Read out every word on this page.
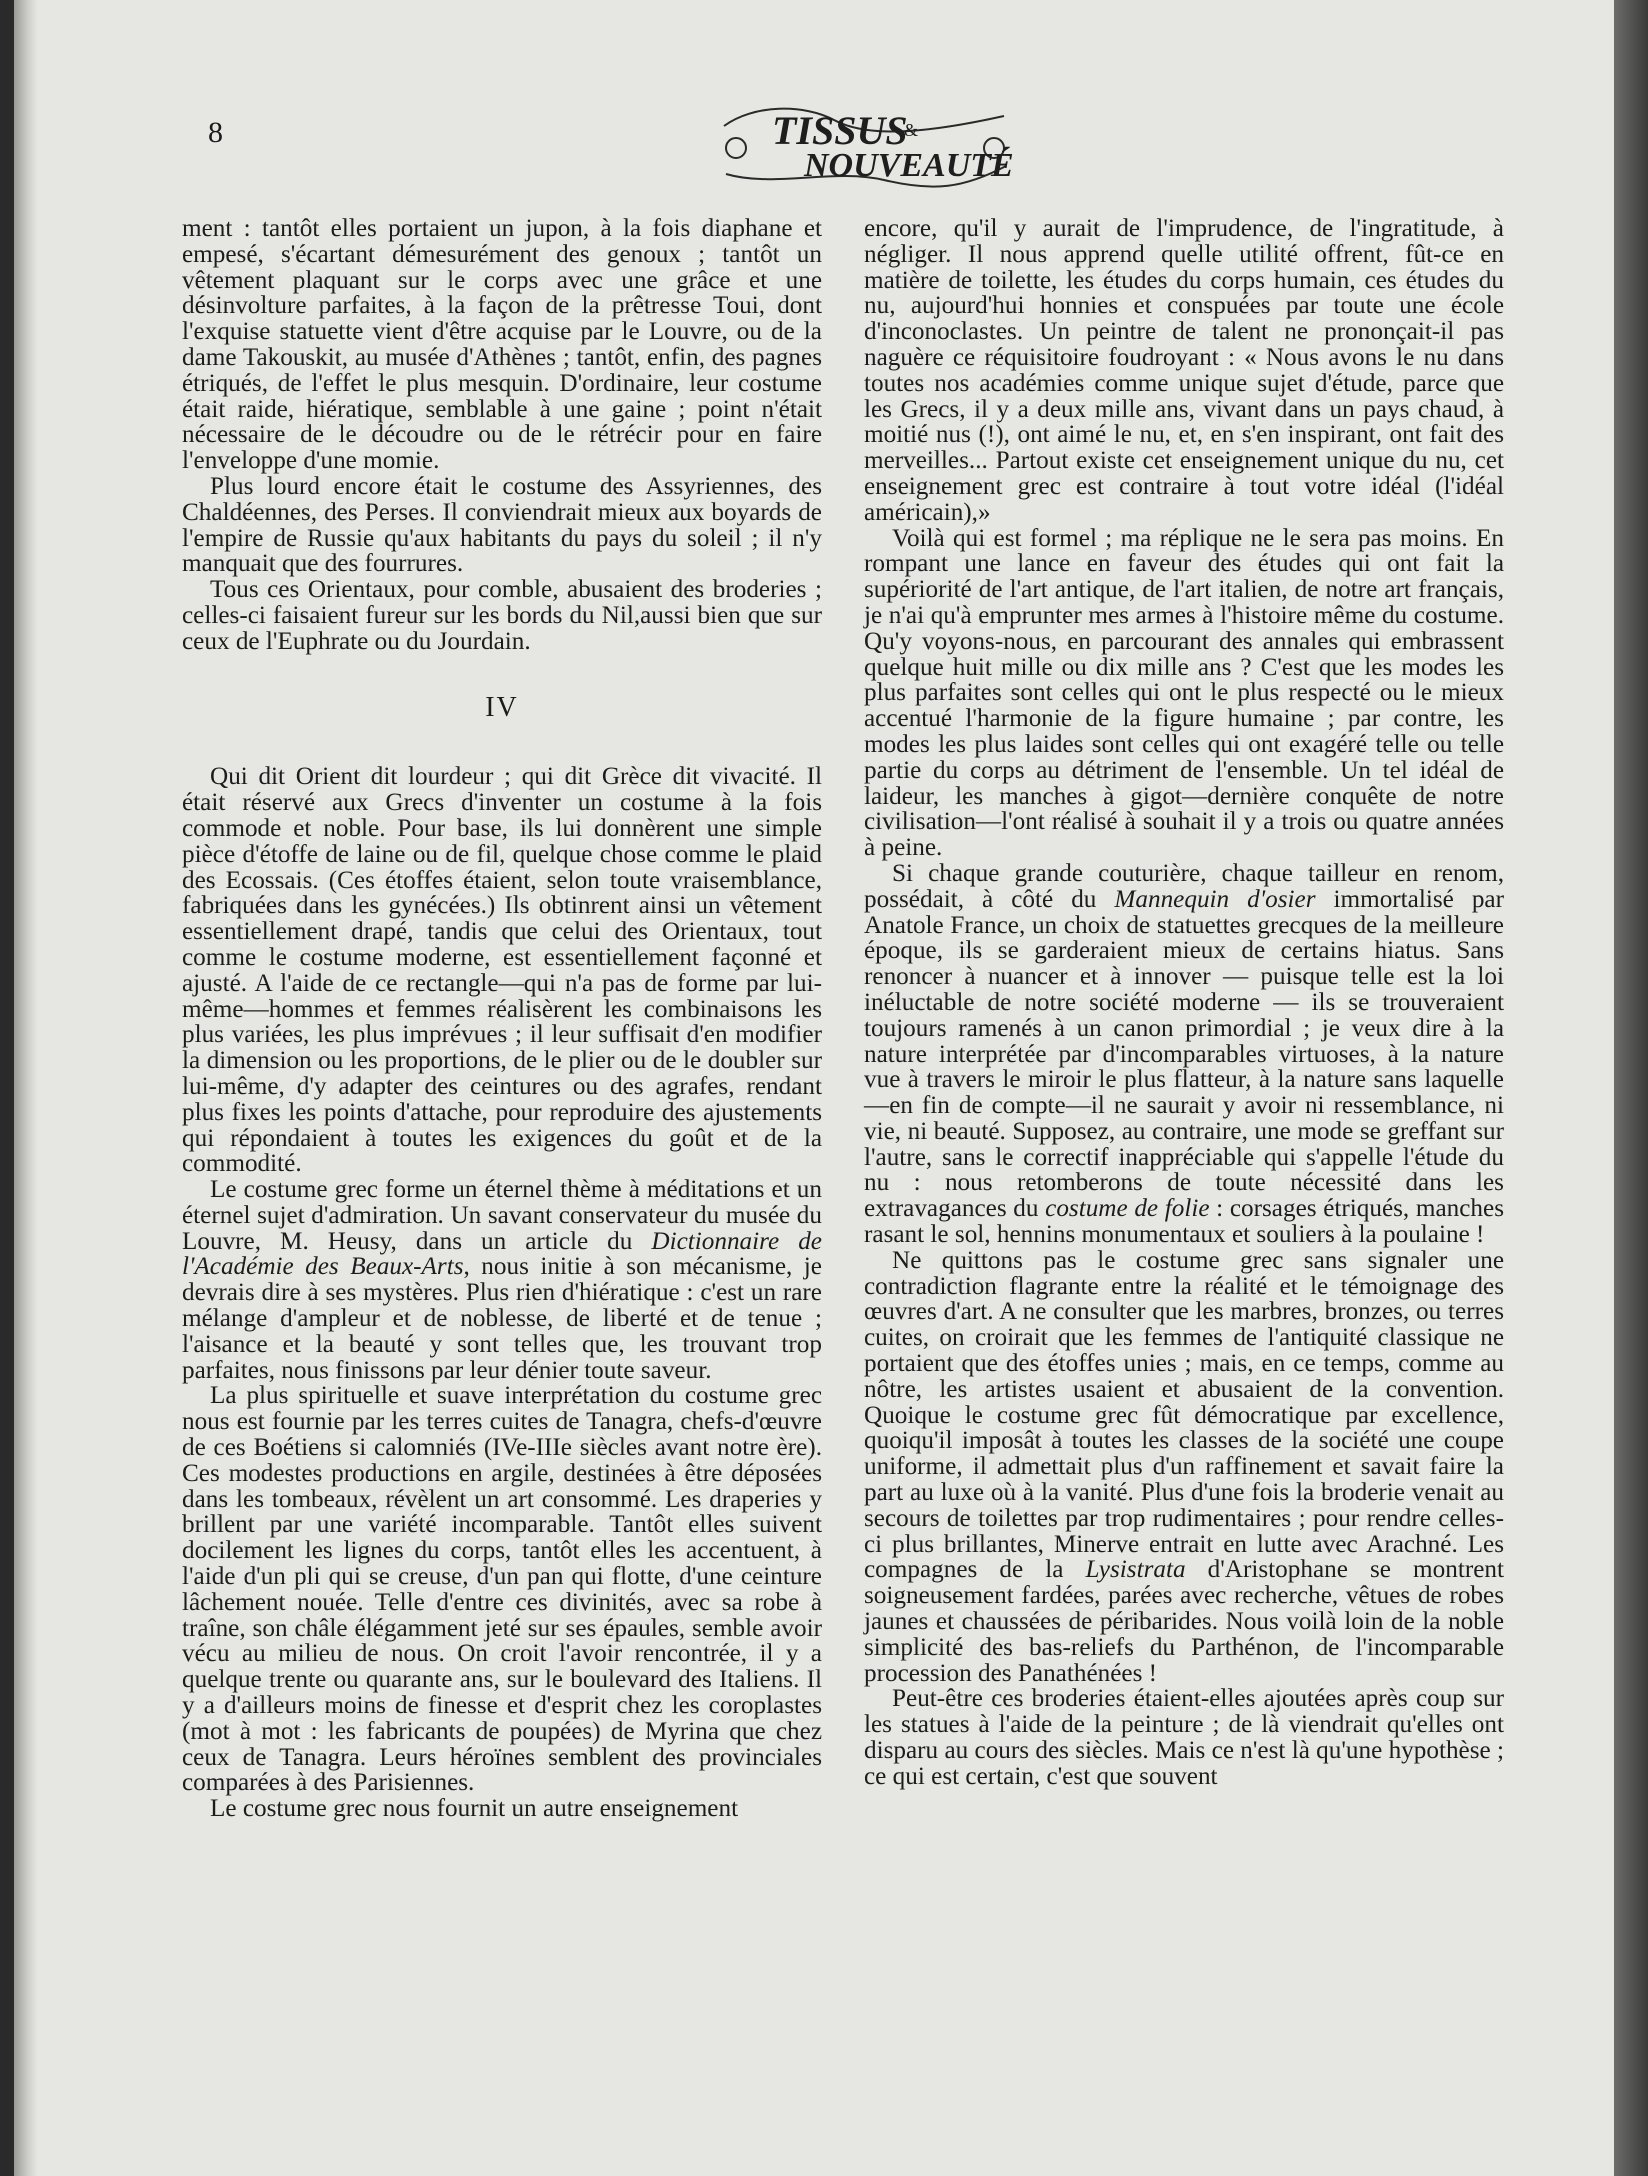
8	TISSUS
&
NOUVEAUTÉS

ment : tantôt elles portaient un jupon, à la fois diaphane et empesé, s'écartant démesurément des genoux ; tantôt un vêtement plaquant sur le corps avec une grâce et une désinvolture parfaites, à la façon de la prêtresse Toui, dont l'exquise statuette vient d'être acquise par le Louvre, ou de la dame Takouskit, au musée d'Athènes ; tantôt, enfin, des pagnes étriqués, de l'effet le plus mesquin. D'ordinaire, leur costume était raide, hiératique, semblable à une gaine ; point n'était nécessaire de le découdre ou de le rétrécir pour en faire l'enveloppe d'une momie.

Plus lourd encore était le costume des Assyriennes, des Chaldéennes, des Perses. Il conviendrait mieux aux boyards de l'empire de Russie qu'aux habitants du pays du soleil ; il n'y manquait que des fourrures.

Tous ces Orientaux, pour comble, abusaient des broderies ; celles-ci faisaient fureur sur les bords du Nil,aussi bien que sur ceux de l'Euphrate ou du Jourdain.

IV

Qui dit Orient dit lourdeur ; qui dit Grèce dit vivacité. Il était réservé aux Grecs d'inventer un costume à la fois commode et noble. Pour base, ils lui donnèrent une simple pièce d'étoffe de laine ou de fil, quelque chose comme le plaid des Ecossais. (Ces étoffes étaient, selon toute vraisemblance, fabriquées dans les gynécées.) Ils obtinrent ainsi un vêtement essentiellement drapé, tandis que celui des Orientaux, tout comme le costume moderne, est essentiellement façonné et ajusté. A l'aide de ce rectangle—qui n'a pas de forme par lui-même—hommes et femmes réalisèrent les combinaisons les plus variées, les plus imprévues ; il leur suffisait d'en modifier la dimension ou les proportions, de le plier ou de le doubler sur lui-même, d'y adapter des ceintures ou des agrafes, rendant plus fixes les points d'attache, pour reproduire des ajustements qui répondaient à toutes les exigences du goût et de la commodité.

Le costume grec forme un éternel thème à méditations et un éternel sujet d'admiration. Un savant conservateur du musée du Louvre, M. Heusy, dans un article du Dictionnaire de l'Académie des Beaux-Arts, nous initie à son mécanisme, je devrais dire à ses mystères. Plus rien d'hiératique : c'est un rare mélange d'ampleur et de noblesse, de liberté et de tenue ; l'aisance et la beauté y sont telles que, les trouvant trop parfaites, nous finissons par leur dénier toute saveur.

La plus spirituelle et suave interprétation du costume grec nous est fournie par les terres cuites de Tanagra, chefs-d'œuvre de ces Boétiens si calomniés (IVe-IIIe siècles avant notre ère). Ces modestes productions en argile, destinées à être déposées dans les tombeaux, révèlent un art consommé. Les draperies y brillent par une variété incomparable. Tantôt elles suivent docilement les lignes du corps, tantôt elles les accentuent, à l'aide d'un pli qui se creuse, d'un pan qui flotte, d'une ceinture lâchement nouée. Telle d'entre ces divinités, avec sa robe à traîne, son châle élégamment jeté sur ses épaules, semble avoir vécu au milieu de nous. On croit l'avoir rencontrée, il y a quelque trente ou quarante ans, sur le boulevard des Italiens. Il y a d'ailleurs moins de finesse et d'esprit chez les coroplastes (mot à mot : les fabricants de poupées) de Myrina que chez ceux de Tanagra. Leurs héroïnes semblent des provinciales comparées à des Parisiennes.

Le costume grec nous fournit un autre enseignement

encore, qu'il y aurait de l'imprudence, de l'ingratitude, à négliger. Il nous apprend quelle utilité offrent, fût-ce en matière de toilette, les études du corps humain, ces études du nu, aujourd'hui honnies et conspuées par toute une école d'inconoclastes. Un peintre de talent ne prononçait-il pas naguère ce réquisitoire foudroyant : « Nous avons le nu dans toutes nos académies comme unique sujet d'étude, parce que les Grecs, il y a deux mille ans, vivant dans un pays chaud, à moitié nus (!), ont aimé le nu, et, en s'en inspirant, ont fait des merveilles... Partout existe cet enseignement unique du nu, cet enseignement grec est contraire à tout votre idéal (l'idéal américain),»

Voilà qui est formel ; ma réplique ne le sera pas moins. En rompant une lance en faveur des études qui ont fait la supériorité de l'art antique, de l'art italien, de notre art français, je n'ai qu'à emprunter mes armes à l'histoire même du costume. Qu'y voyons-nous, en parcourant des annales qui embrassent quelque huit mille ou dix mille ans ? C'est que les modes les plus parfaites sont celles qui ont le plus respecté ou le mieux accentué l'harmonie de la figure humaine ; par contre, les modes les plus laides sont celles qui ont exagéré telle ou telle partie du corps au détriment de l'ensemble. Un tel idéal de laideur, les manches à gigot—dernière conquête de notre civilisation—l'ont réalisé à souhait il y a trois ou quatre années à peine.

Si chaque grande couturière, chaque tailleur en renom, possédait, à côté du Mannequin d'osier immortalisé par Anatole France, un choix de statuettes grecques de la meilleure époque, ils se garderaient mieux de certains hiatus. Sans renoncer à nuancer et à innover — puisque telle est la loi inéluctable de notre société moderne — ils se trouveraient toujours ramenés à un canon primordial ; je veux dire à la nature interprétée par d'incomparables virtuoses, à la nature vue à travers le miroir le plus flatteur, à la nature sans laquelle—en fin de compte—il ne saurait y avoir ni ressemblance, ni vie, ni beauté. Supposez, au contraire, une mode se greffant sur l'autre, sans le correctif inappréciable qui s'appelle l'étude du nu : nous retomberons de toute nécessité dans les extravagances du costume de folie : corsages étriqués, manches rasant le sol, hennins monumentaux et souliers à la poulaine !

Ne quittons pas le costume grec sans signaler une contradiction flagrante entre la réalité et le témoignage des œuvres d'art. A ne consulter que les marbres, bronzes, ou terres cuites, on croirait que les femmes de l'antiquité classique ne portaient que des étoffes unies ; mais, en ce temps, comme au nôtre, les artistes usaient et abusaient de la convention. Quoique le costume grec fût démocratique par excellence, quoiqu'il imposât à toutes les classes de la société une coupe uniforme, il admettait plus d'un raffinement et savait faire la part au luxe où à la vanité. Plus d'une fois la broderie venait au secours de toilettes par trop rudimentaires ; pour rendre celles-ci plus brillantes, Minerve entrait en lutte avec Arachné. Les compagnes de la Lysistrata d'Aristophane se montrent soigneusement fardées, parées avec recherche, vêtues de robes jaunes et chaussées de péribarides. Nous voilà loin de la noble simplicité des bas-reliefs du Parthénon, de l'incomparable procession des Panathénées !

Peut-être ces broderies étaient-elles ajoutées après coup sur les statues à l'aide de la peinture ; de là viendrait qu'elles ont disparu au cours des siècles. Mais ce n'est là qu'une hypothèse ; ce qui est certain, c'est que souvent
